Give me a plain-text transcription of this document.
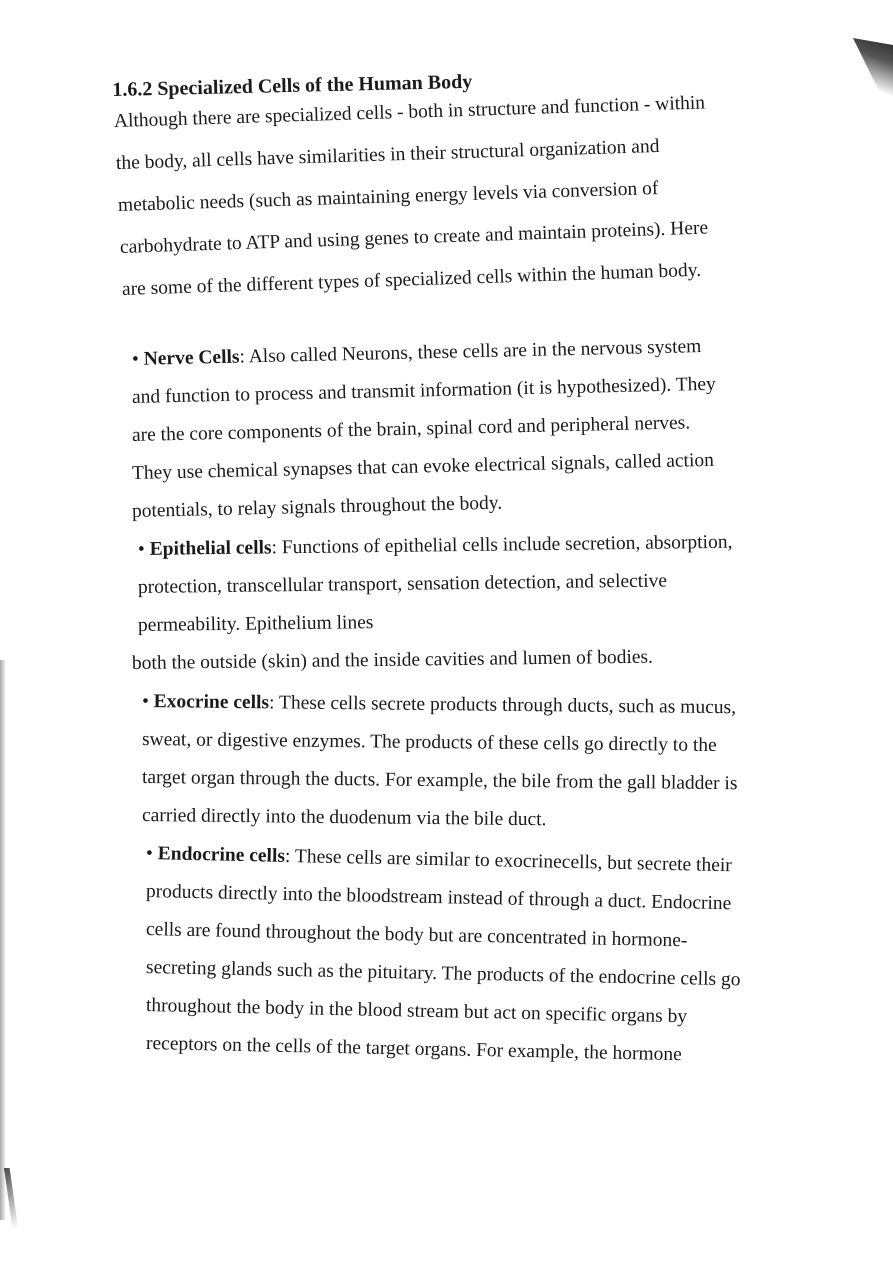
1.6.2 Specialized Cells of the Human Body
Although there are specialized cells - both in structure and function - within
the body, all cells have similarities in their structural organization and
metabolic needs (such as maintaining energy levels via conversion of
carbohydrate to ATP and using genes to create and maintain proteins). Here
are some of the different types of specialized cells within the human body.
• Nerve Cells: Also called Neurons, these cells are in the nervous system
and function to process and transmit information (it is hypothesized). They
are the core components of the brain, spinal cord and peripheral nerves.
They use chemical synapses that can evoke electrical signals, called action
potentials, to relay signals throughout the body.
• Epithelial cells: Functions of epithelial cells include secretion, absorption,
protection, transcellular transport, sensation detection, and selective
permeability. Epithelium lines
both the outside (skin) and the inside cavities and lumen of bodies.
• Exocrine cells: These cells secrete products through ducts, such as mucus,
sweat, or digestive enzymes. The products of these cells go directly to the
target organ through the ducts. For example, the bile from the gall bladder is
carried directly into the duodenum via the bile duct.
• Endocrine cells: These cells are similar to exocrinecells, but secrete their
products directly into the bloodstream instead of through a duct. Endocrine
cells are found throughout the body but are concentrated in hormone-
secreting glands such as the pituitary. The products of the endocrine cells go
throughout the body in the blood stream but act on specific organs by
receptors on the cells of the target organs. For example, the hormone
